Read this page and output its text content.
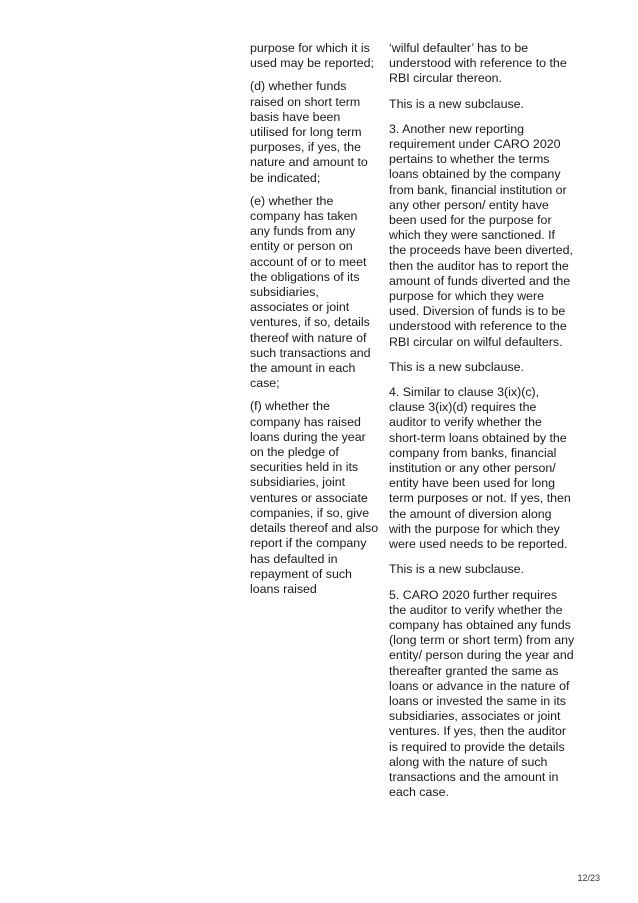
purpose for which it is used may be reported;

(d) whether funds raised on short term basis have been utilised for long term purposes, if yes, the nature and amount to be indicated;

(e) whether the company has taken any funds from any entity or person on account of or to meet the obligations of its subsidiaries, associates or joint ventures, if so, details thereof with nature of such transactions and the amount in each case;

(f) whether the company has raised loans during the year on the pledge of securities held in its subsidiaries, joint ventures or associate companies, if so, give details thereof and also report if the company has defaulted in repayment of such loans raised

‘wilful defaulter’ has to be understood with reference to the RBI circular thereon.

This is a new subclause.

3. Another new reporting requirement under CARO 2020 pertains to whether the terms loans obtained by the company from bank, financial institution or any other person/ entity have been used for the purpose for which they were sanctioned. If the proceeds have been diverted, then the auditor has to report the amount of funds diverted and the purpose for which they were used. Diversion of funds is to be understood with reference to the RBI circular on wilful defaulters.

This is a new subclause.

4. Similar to clause 3(ix)(c), clause 3(ix)(d) requires the auditor to verify whether the short-term loans obtained by the company from banks, financial institution or any other person/ entity have been used for long term purposes or not. If yes, then the amount of diversion along with the purpose for which they were used needs to be reported.

This is a new subclause.

5. CARO 2020 further requires the auditor to verify whether the company has obtained any funds (long term or short term) from any entity/ person during the year and thereafter granted the same as loans or advance in the nature of loans or invested the same in its subsidiaries, associates or joint ventures. If yes, then the auditor is required to provide the details along with the nature of such transactions and the amount in each case.

12/23
